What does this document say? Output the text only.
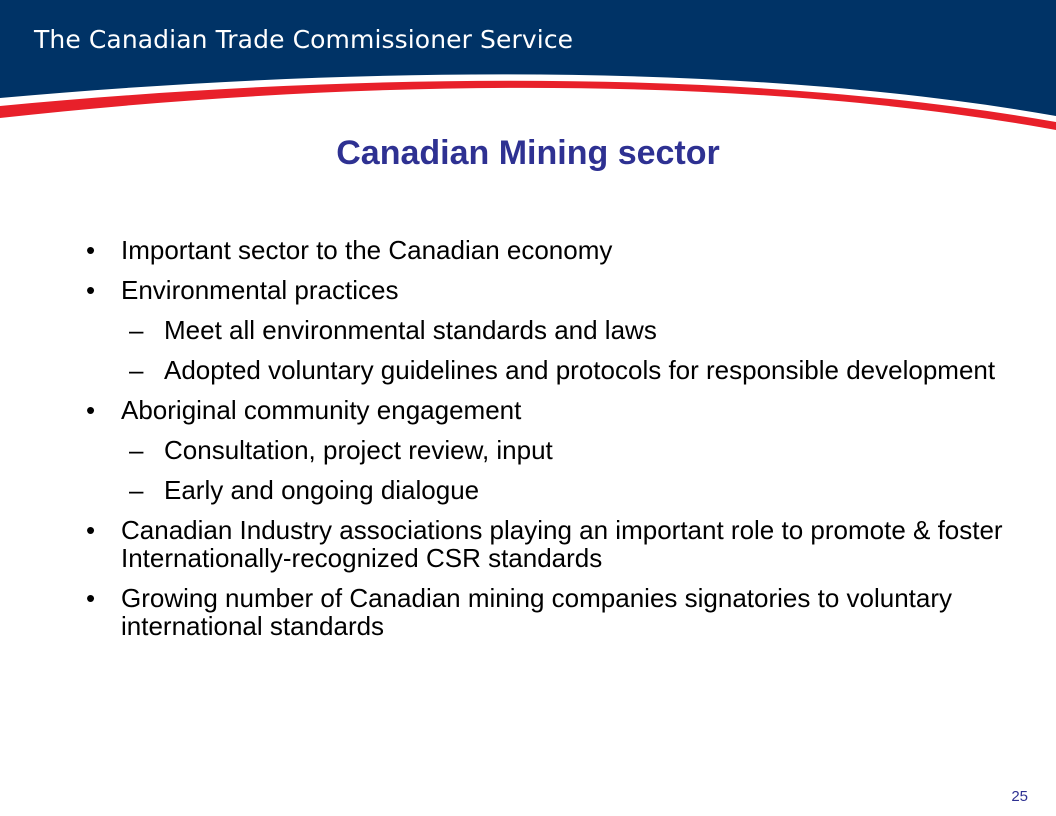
The Canadian Trade Commissioner Service
Canadian Mining sector
• Important sector to the Canadian economy
• Environmental practices
– Meet all environmental standards and laws
– Adopted voluntary guidelines and protocols for responsible development
• Aboriginal community engagement
– Consultation, project review, input
– Early and ongoing dialogue
• Canadian Industry associations playing an important role to promote & foster Internationally-recognized CSR standards
• Growing number of Canadian mining companies signatories to voluntary international standards
25
